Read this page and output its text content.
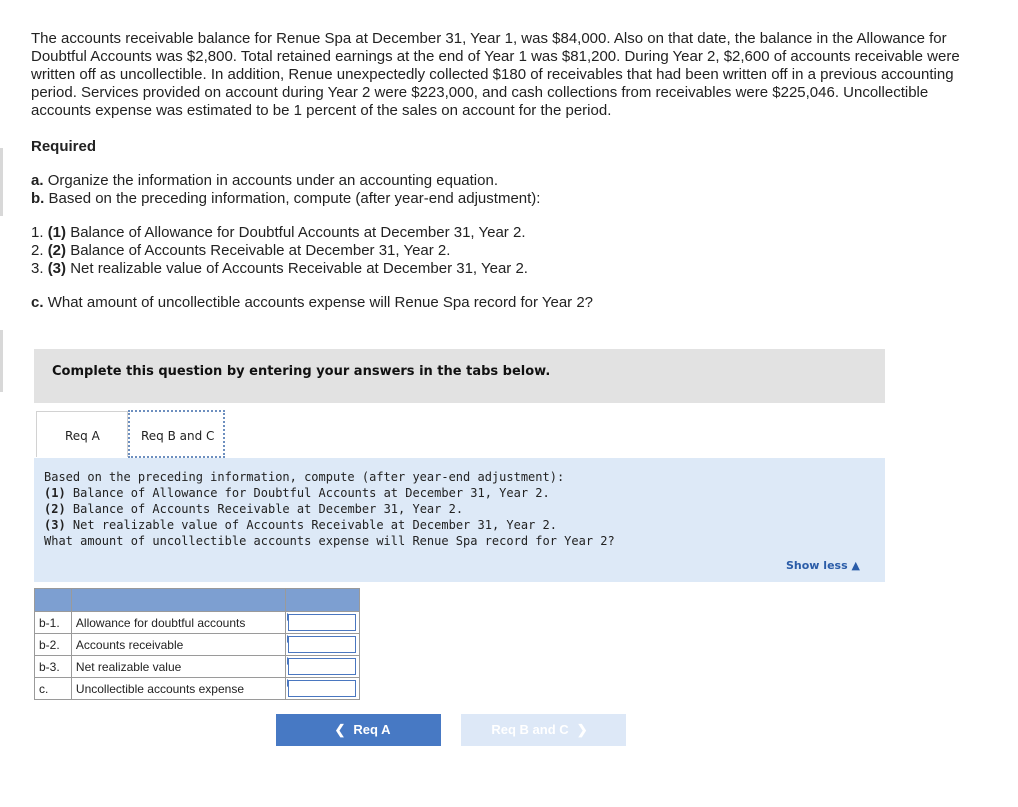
The accounts receivable balance for Renue Spa at December 31, Year 1, was $84,000. Also on that date, the balance in the Allowance for Doubtful Accounts was $2,800. Total retained earnings at the end of Year 1 was $81,200. During Year 2, $2,600 of accounts receivable were written off as uncollectible. In addition, Renue unexpectedly collected $180 of receivables that had been written off in a previous accounting period. Services provided on account during Year 2 were $223,000, and cash collections from receivables were $225,046. Uncollectible accounts expense was estimated to be 1 percent of the sales on account for the period.
Required
a. Organize the information in accounts under an accounting equation.
b. Based on the preceding information, compute (after year-end adjustment):
1. (1) Balance of Allowance for Doubtful Accounts at December 31, Year 2.
2. (2) Balance of Accounts Receivable at December 31, Year 2.
3. (3) Net realizable value of Accounts Receivable at December 31, Year 2.
c. What amount of uncollectible accounts expense will Renue Spa record for Year 2?
Complete this question by entering your answers in the tabs below.
Req A	Req B and C
Based on the preceding information, compute (after year-end adjustment):
(1) Balance of Allowance for Doubtful Accounts at December 31, Year 2.
(2) Balance of Accounts Receivable at December 31, Year 2.
(3) Net realizable value of Accounts Receivable at December 31, Year 2.
What amount of uncollectible accounts expense will Renue Spa record for Year 2?
Show less ▲

b-1.	Allowance for doubtful accounts	

b-2.	Accounts receivable	

b-3.	Net realizable value	

c.	Uncollectible accounts expense	
❮ Req A	Req B and C ❯
